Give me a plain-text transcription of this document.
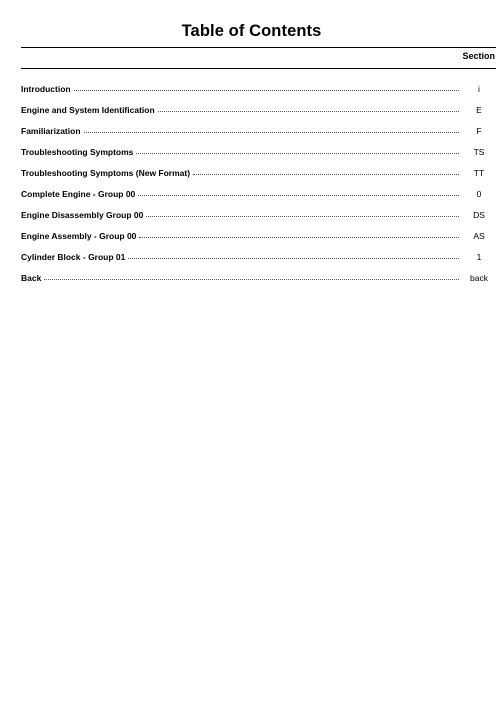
Table of Contents
Section
Introduction	i
Engine and System Identification	E
Familiarization	F
Troubleshooting Symptoms	TS
Troubleshooting Symptoms (New Format)	TT
Complete Engine - Group 00	0
Engine Disassembly Group 00	DS
Engine Assembly - Group 00	AS
Cylinder Block - Group 01	1
Back	back
